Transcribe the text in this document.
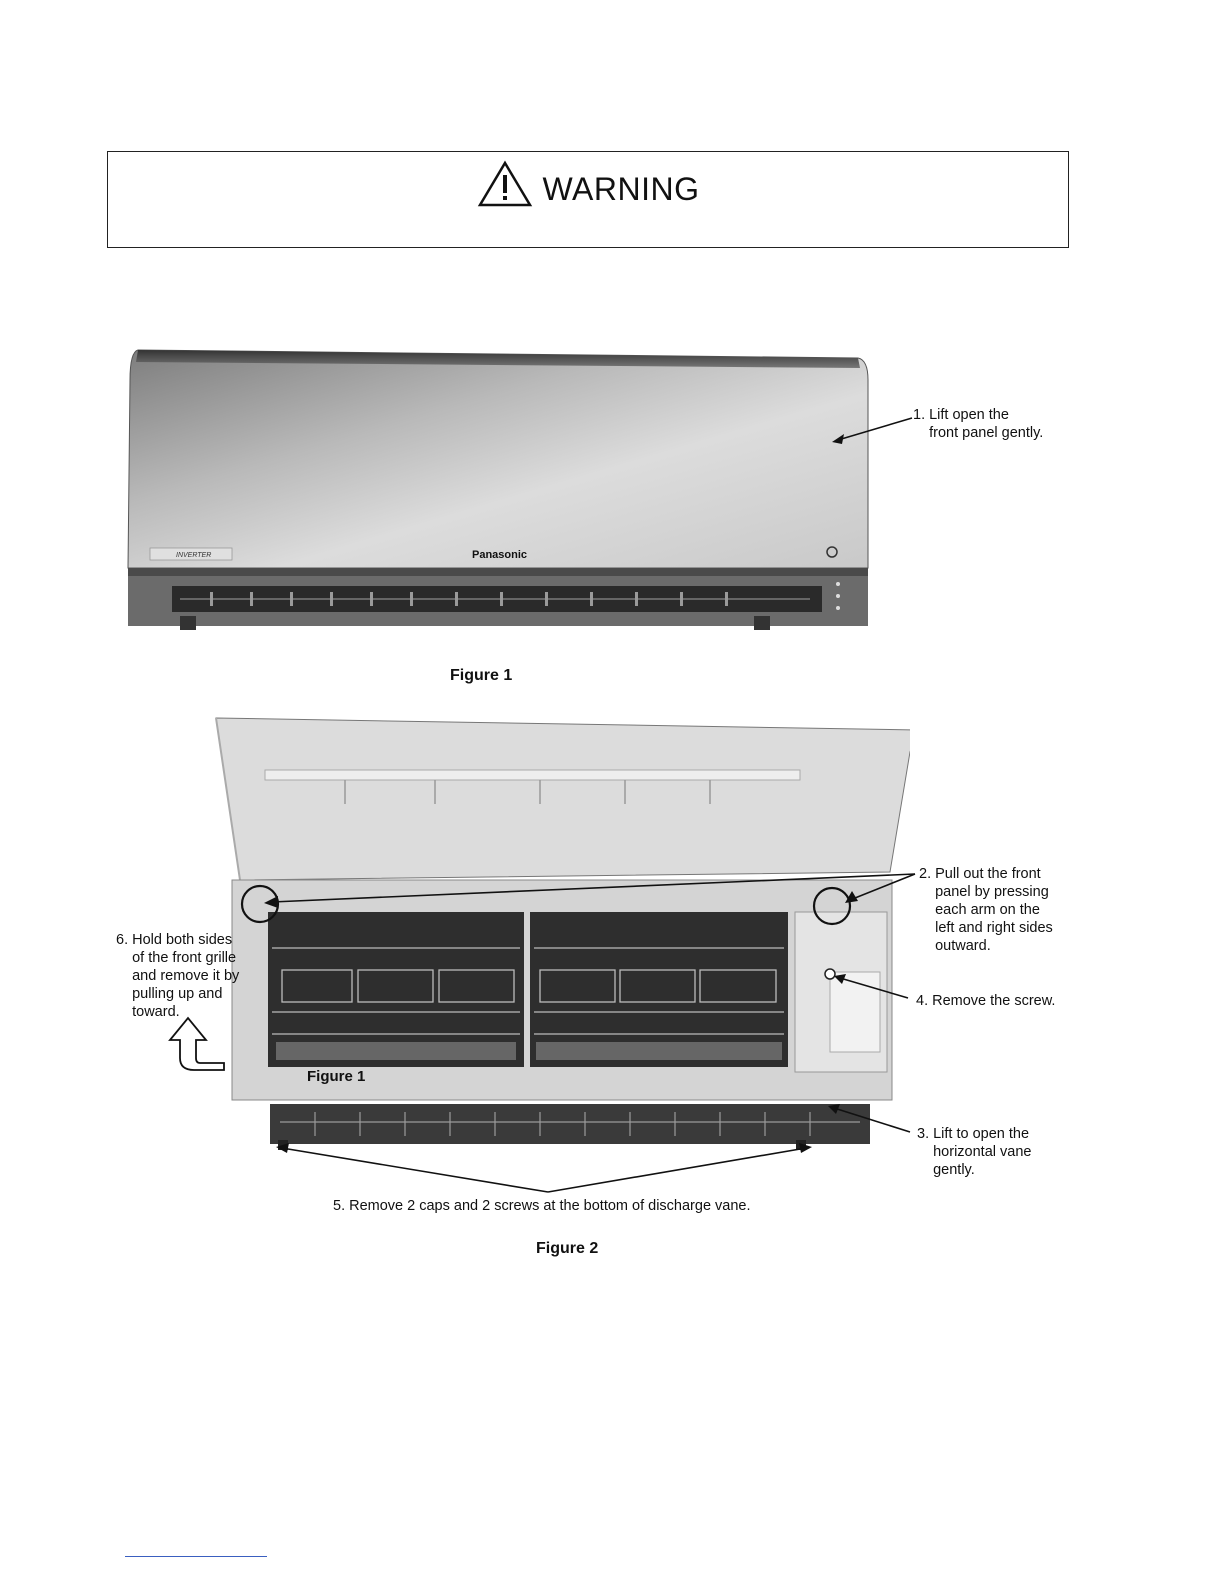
WARNING
INVERTER	Panasonic
1. Lift open the
front panel gently.
Figure 1
Figure 1
2. Pull out the front
panel by pressing
each arm on the
left and right sides
outward.
4. Remove the screw.
3. Lift to open the
horizontal vane
gently.
5. Remove 2 caps and 2 screws at the bottom of discharge vane.
6. Hold both sides
of the front grille
and remove it by
pulling up and
toward.
Figure 2
